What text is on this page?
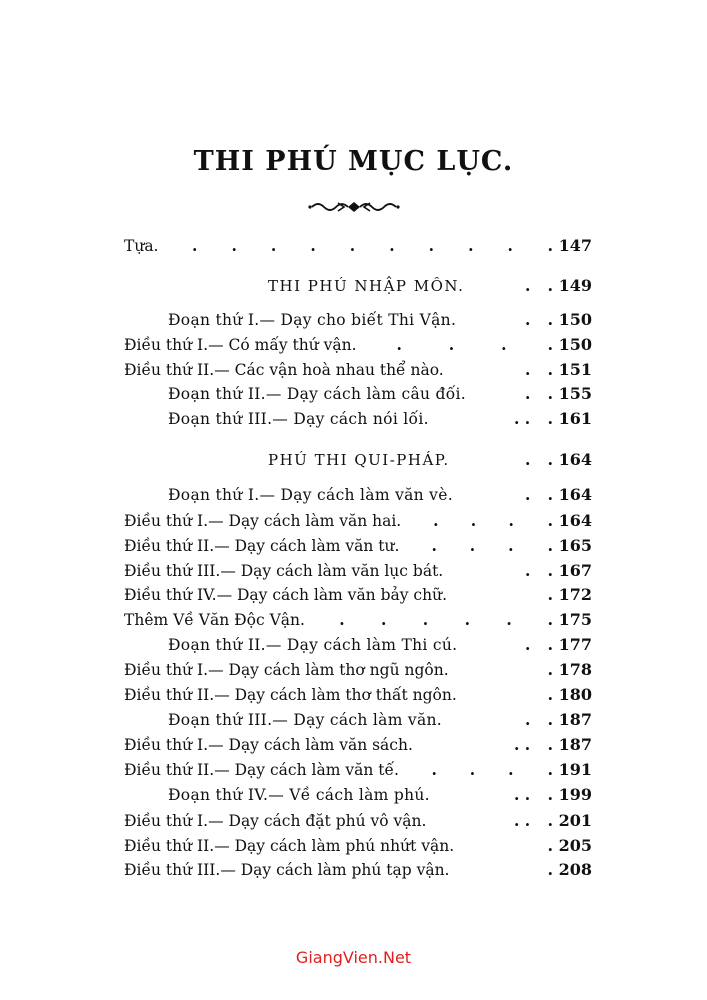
THI PHÚ MỤC LỤC.
Tựa.	. . . . . . . . .	. 147
THI PHÚ NHẬP MÔN.	.	. 149
Đoạn thứ I.— Dạy cho biết Thi Vận.	.	. 150
Điều thứ I.— Có mấy thứ vận.	.	.	.	. 150
Điều thứ II.— Các vận hoà nhau thể nào.	.	. 151
Đoạn thứ II.— Dạy cách làm câu đối.	.	. 155
Đoạn thứ III.— Dạy cách nói lối.	. .	. 161
PHÚ THI QUI-PHÁP.	.	. 164
Đoạn thứ I.— Dạy cách làm văn vè.	.	. 164
Điều thứ I.— Dạy cách làm văn hai.	. . .	. 164
Điều thứ II.— Dạy cách làm văn tư.	. . .	. 165
Điều thứ III.— Dạy cách làm văn lục bát.	.	. 167
Điều thứ IV.— Dạy cách làm văn bảy chữ.	. 172
Thêm Về Văn Độc Vận.	. . . . .	. 175
Đoạn thứ II.— Dạy cách làm Thi cú.	.	. 177
Điều thứ I.— Dạy cách làm thơ ngũ ngôn.	. 178
Điều thứ II.— Dạy cách làm thơ thất ngôn.	. 180
Đoạn thứ III.— Dạy cách làm văn.	.	. 187
Điều thứ I.— Dạy cách làm văn sách.	. .	. 187
Điều thứ II.— Dạy cách làm văn tế.	. . .	. 191
Đoạn thứ IV.— Về cách làm phú.	. .	. 199
Điều thứ I.— Dạy cách đặt phú vô vận.	. .	. 201
Điều thứ II.— Dạy cách làm phú nhứt vận.	. 205
Điều thứ III.— Dạy cách làm phú tạp vận.	. 208
GiangVien.Net
